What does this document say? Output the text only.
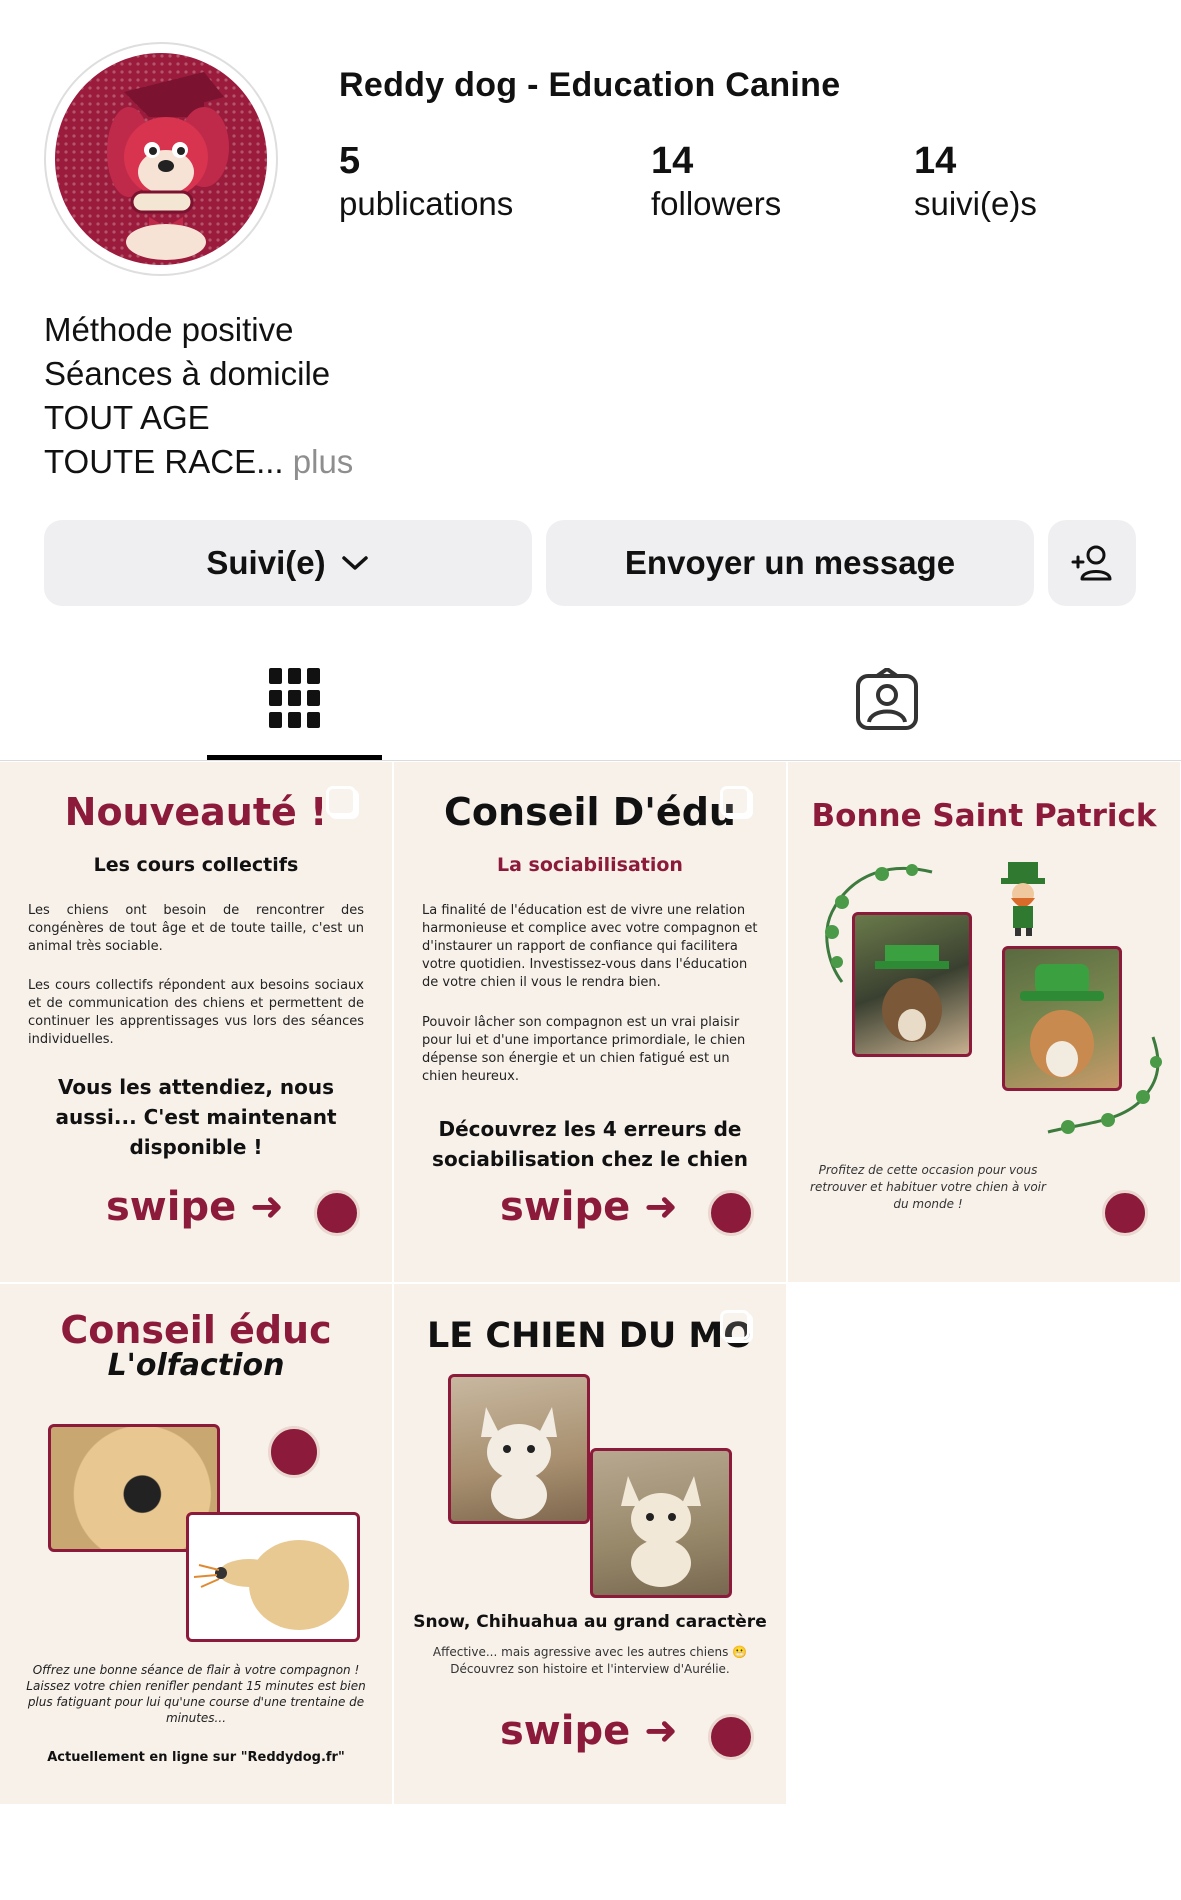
Reddy dog - Education Canine
5
publications
14
followers
14
suivi(e)s
Méthode positive
Séances à domicile
TOUT AGE
TOUTE RACE... plus
Suivi(e)	Envoyer un message
Nouveauté !
Les cours collectifs

Les chiens ont besoin de rencontrer des congénères de tout âge et de toute taille, c'est un animal très sociable.

Les cours collectifs répondent aux besoins sociaux et de communication des chiens et permettent de continuer les apprentissages vus lors des séances individuelles.

Vous les attendiez, nous aussi... C'est maintenant disponible !

swipe ➜
Conseil D'édu
La sociabilisation

La finalité de l'éducation est de vivre une relation harmonieuse et complice avec votre compagnon et d'instaurer un rapport de confiance qui facilitera votre quotidien. Investissez-vous dans l'éducation de votre chien il vous le rendra bien.

Pouvoir lâcher son compagnon est un vrai plaisir pour lui et d'une importance primordiale, le chien dépense son énergie et un chien fatigué est un chien heureux.

Découvrez les 4 erreurs de sociabilisation chez le chien

swipe ➜
Bonne Saint Patrick

Profitez de cette occasion pour vous retrouver et habituer votre chien à voir du monde !

Conseil éduc
L'olfaction

Offrez une bonne séance de flair à votre compagnon ! Laissez votre chien renifler pendant 15 minutes est bien plus fatiguant pour lui qu'une course d'une trentaine de minutes...

Actuellement en ligne sur "Reddydog.fr"

LE CHIEN DU MO

Snow, Chihuahua au grand caractère

Affective... mais agressive avec les autres chiens 😬 Découvrez son histoire et l'interview d'Aurélie.

swipe ➜
